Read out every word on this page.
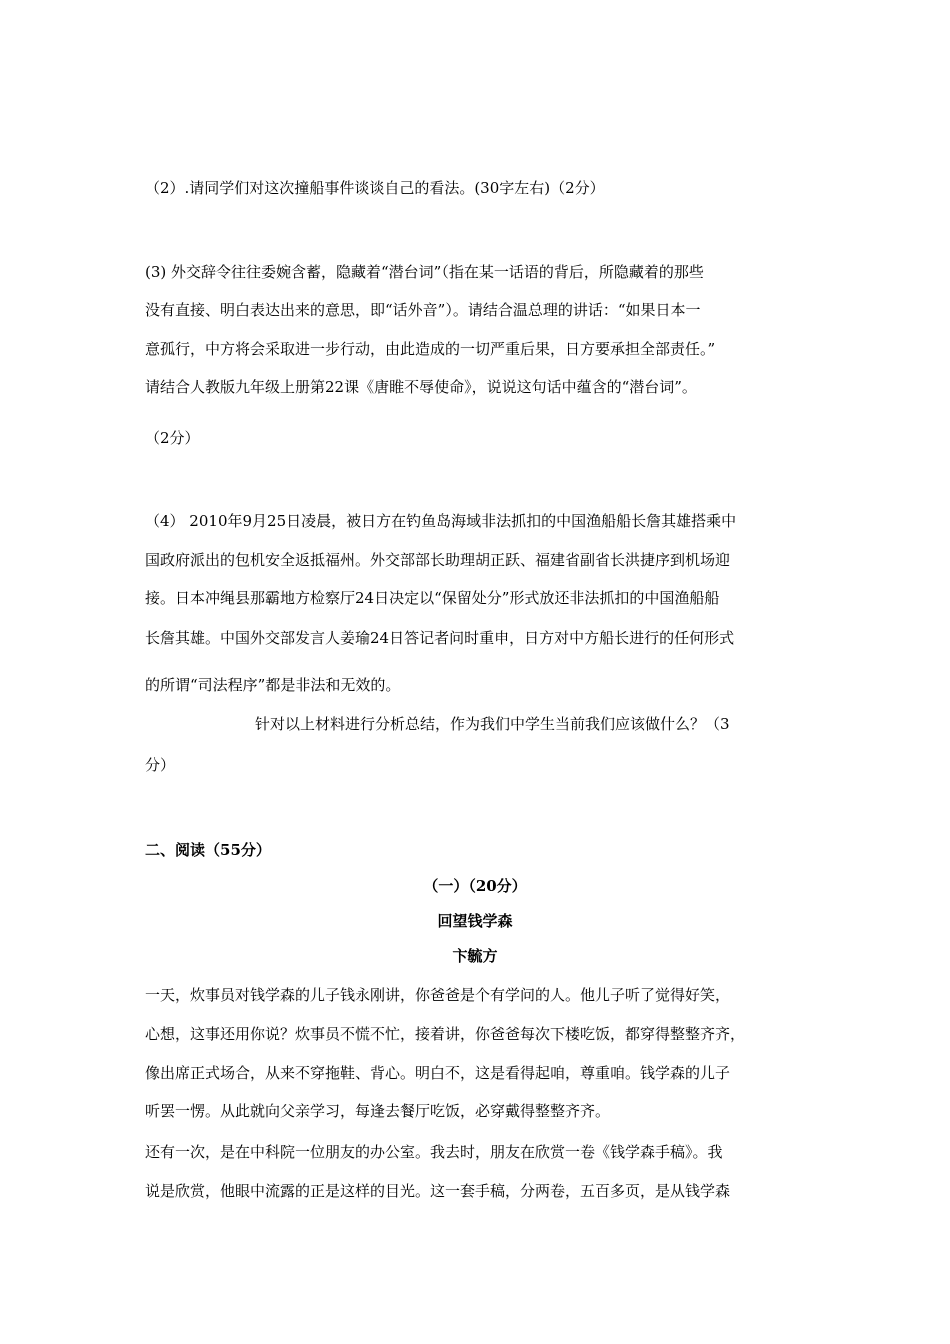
（2）.请同学们对这次撞船事件谈谈自己的看法。(30字左右)（2分）
(3) 外交辞令往往委婉含蓄，隐藏着“潜台词”（指在某一话语的背后，所隐藏着的那些
没有直接、明白表达出来的意思，即“话外音”）。请结合温总理的讲话：“如果日本一
意孤行，中方将会采取进一步行动，由此造成的一切严重后果，日方要承担全部责任。”
请结合人教版九年级上册第22课《唐睢不辱使命》，说说这句话中蕴含的“潜台词”。
（2分）
（4） 2010年9月25日凌晨，被日方在钓鱼岛海域非法抓扣的中国渔船船长詹其雄搭乘中
国政府派出的包机安全返抵福州。外交部部长助理胡正跃、福建省副省长洪捷序到机场迎
接。日本冲绳县那霸地方检察厅24日决定以“保留处分”形式放还非法抓扣的中国渔船船
长詹其雄。中国外交部发言人姜瑜24日答记者问时重申，日方对中方船长进行的任何形式
的所谓“司法程序”都是非法和无效的。
针对以上材料进行分析总结，作为我们中学生当前我们应该做什么？（3
分）
二、阅读（55分）
（一）（20分）
回望钱学森
卞毓方
一天，炊事员对钱学森的儿子钱永刚讲，你爸爸是个有学问的人。他儿子听了觉得好笑，
心想，这事还用你说？炊事员不慌不忙，接着讲，你爸爸每次下楼吃饭，都穿得整整齐齐，
像出席正式场合，从来不穿拖鞋、背心。明白不，这是看得起咱，尊重咱。钱学森的儿子
听罢一愣。从此就向父亲学习，每逢去餐厅吃饭，必穿戴得整整齐齐。
还有一次，是在中科院一位朋友的办公室。我去时，朋友在欣赏一卷《钱学森手稿》。我
说是欣赏，他眼中流露的正是这样的目光。这一套手稿，分两卷，五百多页，是从钱学森
